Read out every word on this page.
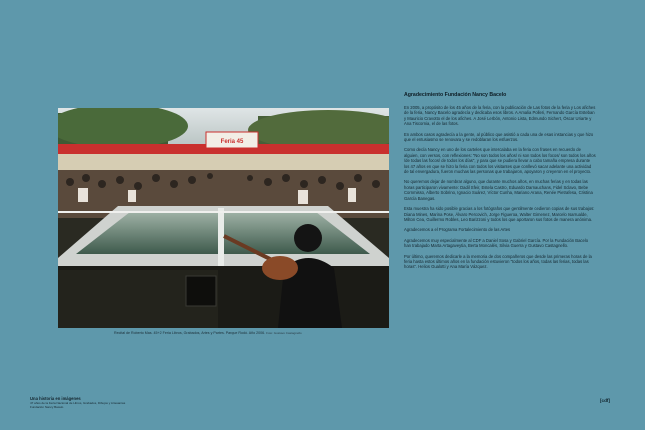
Feria 45
Recital de Roberto Mas. 45+2 Feria Libros, Grabados, Artes y Partes. Parque Rodó. Año 2006. Foto: Gustavo Castagnello
Agradecimiento Fundación Nancy Bacelo

En 2005, a propósito de los 45 años de la feria, con la publicación de Las fotos de la feria y Los afiches de la feria, Nancy Bacelo agradecía y dedicaba esos libros. A Amalia Polleri, Fernando García Esteban y Mauricio Cravotto el de los afiches. A José Lerbón, Antonio Lista, Edmundo Sichert, Óscar Uriarte y Ana Tiscornia, el de las fotos.

En ambos casos agradecía a la gente, al público que asistió a cada una de esas instancias y que hizo que el entusiasmo se renovara y se redoblaran los esfuerzos.

Como decía Nancy en uno de los carteles que intercalaba en la feria con frases en recuerdo de alguien, con versos, con reflexiones: "No son todos los años/ ni son todos los focos/ son todos los años /de todas las focos/ de todos los días", y para que se pudiera llevar a cabo tamaña empresa durante los 47 años en que se hizo la feria con todos los visitantes que conllevó sacar adelante una actividad de tal envergadura, fueron muchas las personas que trabajaron, apoyaron y creyeron en el proyecto.

No queremos dejar de nombrar alguno, que durante muchos años, en muchas ferias y en todas las horas participaron vivamente: Dadil Sfeir, Estela Castro, Eduardo Darnauchans, Fidel Sclavo, Bebe Cornmisso, Alberto Sobrino, Ignacio Suárez, Víctor Cunha, Mariano Arana, Renée Pietrafesa, Cristina García Banegas.

Esta muestra ha sido posible gracias a los fotógrafos que gentilmente cedieron copias de sus trabajos: Diana Mines, Marina Pose, Álvaro Percovich, Jorge Figueroa, Walter Gimenez, Marcelo Isarrualde, Milton Cea, Guillermo Robles, Leo Barizzoni y todos los que aportaron sus fotos de manera anónima.

Agradecemos a el Programa Fortalecimiento de las Artes

Agradecemos muy especialmente al CDF a Daniel Sosa y Gabriel García. Por la Fundación Bacelo han trabajado Marta Artagaveytia, Berta Moncalés, Silvia Guerra y Gustavo Castagnello.

Por último, queremos dedicarle a la memoria de dos compañeros que desde las primeras horas de la feria hasta estos últimos años en la fundación estuvieron "todos los años, todas las ferias, todas las horas". Helios Gualotti y Ana María Vázquez.

Una historia en imágenes
47 años de la Feria Nacional de Libros, Grabados, Dibujos y Artesanías
Fundación Nancy Bacelo
[cdf]
